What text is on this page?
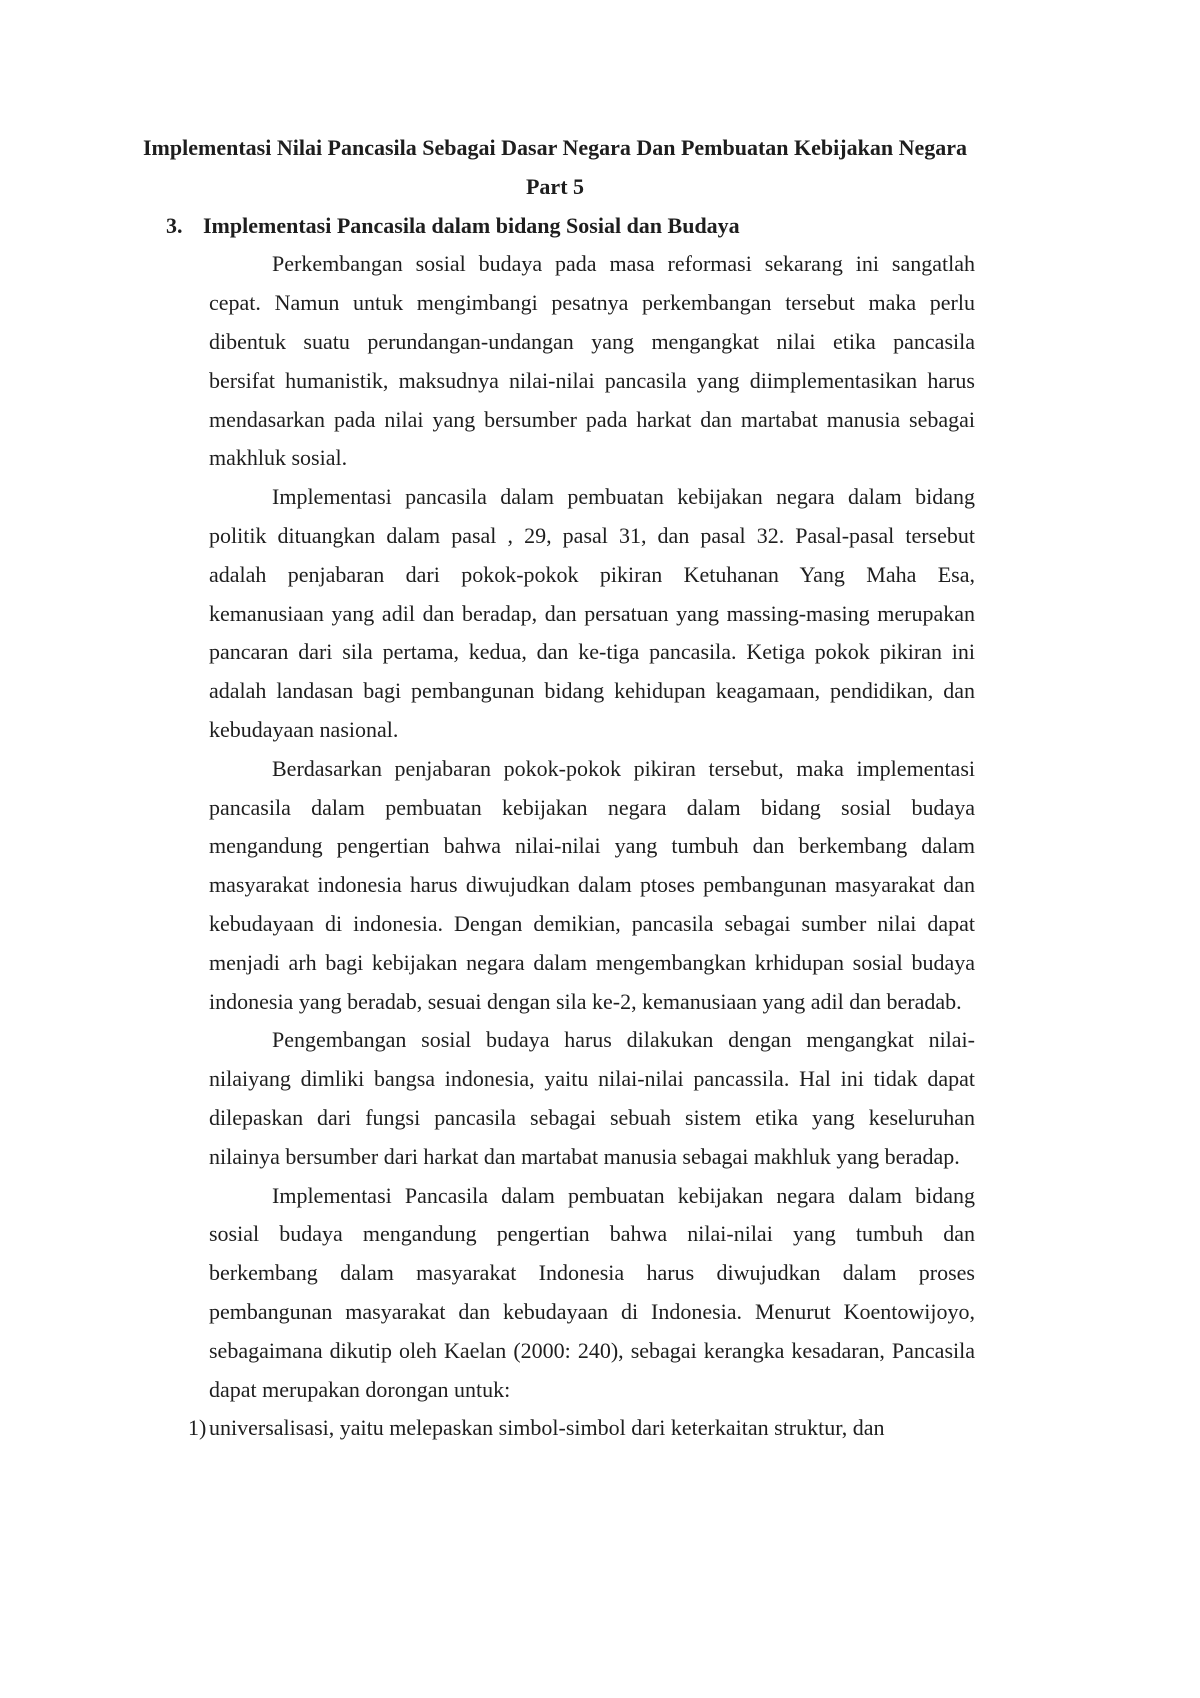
Implementasi Nilai Pancasila Sebagai Dasar Negara Dan Pembuatan Kebijakan Negara
Part 5
3. Implementasi Pancasila dalam bidang Sosial dan Budaya
Perkembangan sosial budaya pada masa reformasi sekarang ini sangatlah
cepat. Namun untuk mengimbangi pesatnya perkembangan tersebut maka perlu
dibentuk suatu perundangan-undangan yang mengangkat nilai etika pancasila
bersifat humanistik, maksudnya nilai-nilai pancasila yang diimplementasikan harus
mendasarkan pada nilai yang bersumber pada harkat dan martabat manusia sebagai
makhluk sosial.
Implementasi pancasila dalam pembuatan kebijakan negara dalam bidang
politik dituangkan dalam pasal , 29, pasal 31, dan pasal 32. Pasal-pasal tersebut
adalah penjabaran dari pokok-pokok pikiran Ketuhanan Yang Maha Esa,
kemanusiaan yang adil dan beradap, dan persatuan yang massing-masing merupakan
pancaran dari sila pertama, kedua, dan ke-tiga pancasila. Ketiga pokok pikiran ini
adalah landasan bagi pembangunan bidang kehidupan keagamaan, pendidikan, dan
kebudayaan nasional.
Berdasarkan penjabaran pokok-pokok pikiran tersebut, maka implementasi
pancasila dalam pembuatan kebijakan negara dalam bidang sosial budaya
mengandung pengertian bahwa nilai-nilai yang tumbuh dan berkembang dalam
masyarakat indonesia harus diwujudkan dalam ptoses pembangunan masyarakat dan
kebudayaan di indonesia. Dengan demikian, pancasila sebagai sumber nilai dapat
menjadi arh bagi kebijakan negara dalam mengembangkan krhidupan sosial budaya
indonesia yang beradab, sesuai dengan sila ke-2, kemanusiaan yang adil dan beradab.
Pengembangan sosial budaya harus dilakukan dengan mengangkat nilai-
nilaiyang dimliki bangsa indonesia, yaitu nilai-nilai pancassila. Hal ini tidak dapat
dilepaskan dari fungsi pancasila sebagai sebuah sistem etika yang keseluruhan
nilainya bersumber dari harkat dan martabat manusia sebagai makhluk yang beradap.
Implementasi Pancasila dalam pembuatan kebijakan negara dalam bidang
sosial budaya mengandung pengertian bahwa nilai-nilai yang tumbuh dan
berkembang dalam masyarakat Indonesia harus diwujudkan dalam proses
pembangunan masyarakat dan kebudayaan di Indonesia. Menurut Koentowijoyo,
sebagaimana dikutip oleh Kaelan (2000: 240), sebagai kerangka kesadaran, Pancasila
dapat merupakan dorongan untuk:
1) universalisasi, yaitu melepaskan simbol-simbol dari keterkaitan struktur, dan
